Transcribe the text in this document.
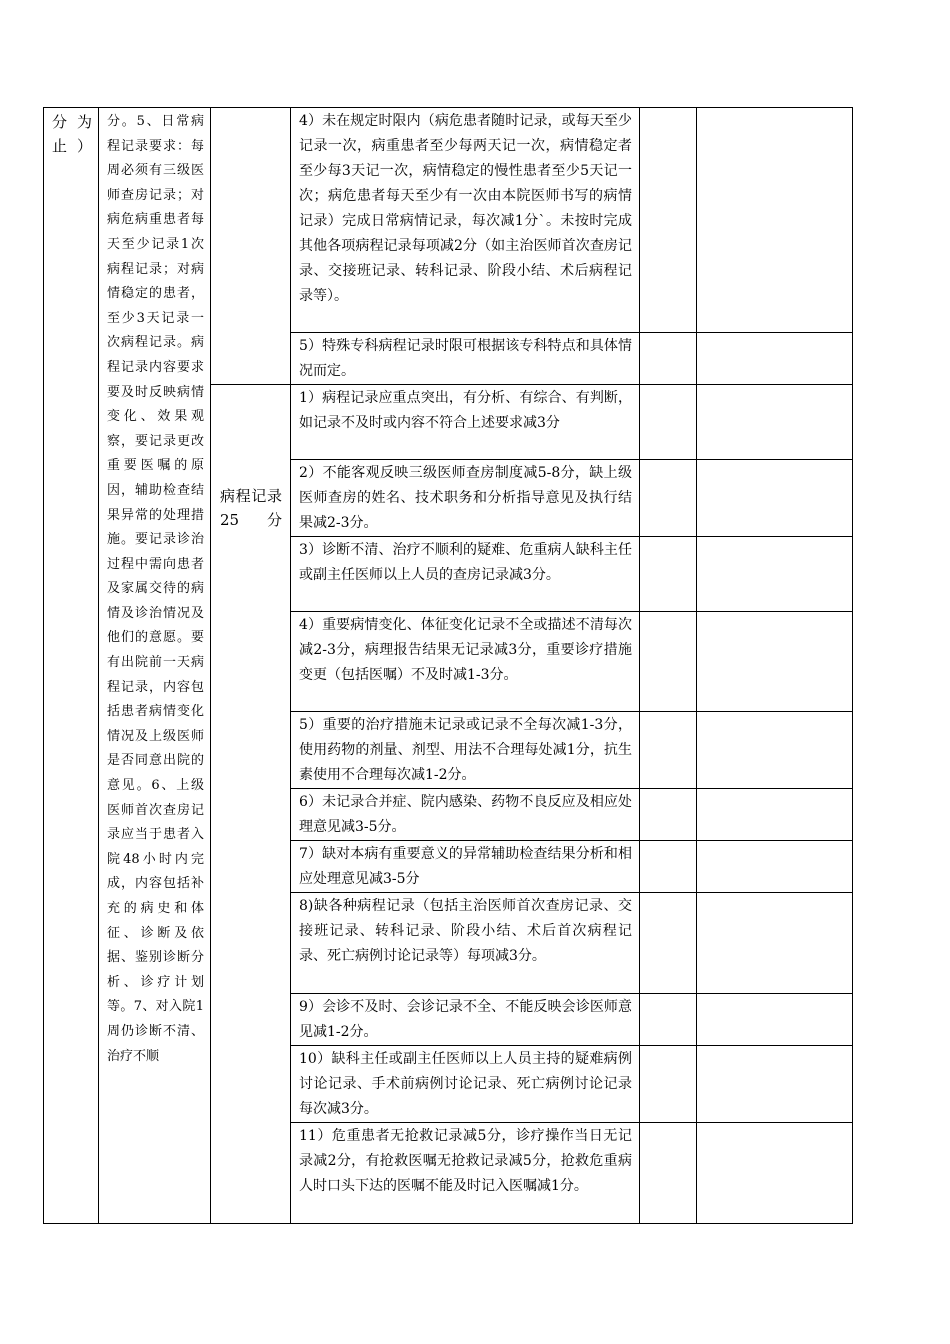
分为止）	分。5、日常病程记录要求：每周必须有三级医师查房记录；对病危病重患者每天至少记录1次病程记录；对病情稳定的患者，至少3天记录一次病程记录。病程记录内容要求要及时反映病情变化、效果观察，要记录更改重要医嘱的原因，辅助检查结果异常的处理措施。要记录诊治过程中需向患者及家属交待的病情及诊治情况及他们的意愿。要有出院前一天病程记录，内容包括患者病情变化情况及上级医师是否同意出院的意见。6、上级医师首次查房记录应当于患者入院48小时内完成，内容包括补充的病史和体征、诊断及依据、鉴别诊断分析、诊疗计划等。7、对入院1周仍诊断不清、治疗不顺		4）未在规定时限内（病危患者随时记录，或每天至少记录一次，病重患者至少每两天记一次，病情稳定者至少每3天记一次，病情稳定的慢性患者至少5天记一次；病危患者每天至少有一次由本院医师书写的病情记录）完成日常病情记录，每次减1分`。未按时完成其他各项病程记录每项减2分（如主治医师首次查房记录、交接班记录、转科记录、阶段小结、术后病程记录等）。		
			5）特殊专科病程记录时限可根据该专科特点和具体情况而定。		

		病程记录25分	1）病程记录应重点突出，有分析、有综合、有判断，如记录不及时或内容不符合上述要求减3分		
			2）不能客观反映三级医师查房制度减5-8分，缺上级医师查房的姓名、技术职务和分析指导意见及执行结果减2-3分。		
			3）诊断不清、治疗不顺利的疑难、危重病人缺科主任或副主任医师以上人员的查房记录减3分。		
			4）重要病情变化、体征变化记录不全或描述不清每次减2-3分，病理报告结果无记录减3分，重要诊疗措施变更（包括医嘱）不及时减1-3分。		
			5）重要的治疗措施未记录或记录不全每次减1-3分，使用药物的剂量、剂型、用法不合理每处减1分，抗生素使用不合理每次减1-2分。		
			6）未记录合并症、院内感染、药物不良反应及相应处理意见减3-5分。		
			7）缺对本病有重要意义的异常辅助检查结果分析和相应处理意见减3-5分		
			8)缺各种病程记录（包括主治医师首次查房记录、交接班记录、转科记录、阶段小结、术后首次病程记录、死亡病例讨论记录等）每项减3分。		
			9）会诊不及时、会诊记录不全、不能反映会诊医师意见减1-2分。		
			10）缺科主任或副主任医师以上人员主持的疑难病例讨论记录、手术前病例讨论记录、死亡病例讨论记录每次减3分。		
			11）危重患者无抢救记录减5分，诊疗操作当日无记录减2分，有抢救医嘱无抢救记录减5分，抢救危重病人时口头下达的医嘱不能及时记入医嘱减1分。		
